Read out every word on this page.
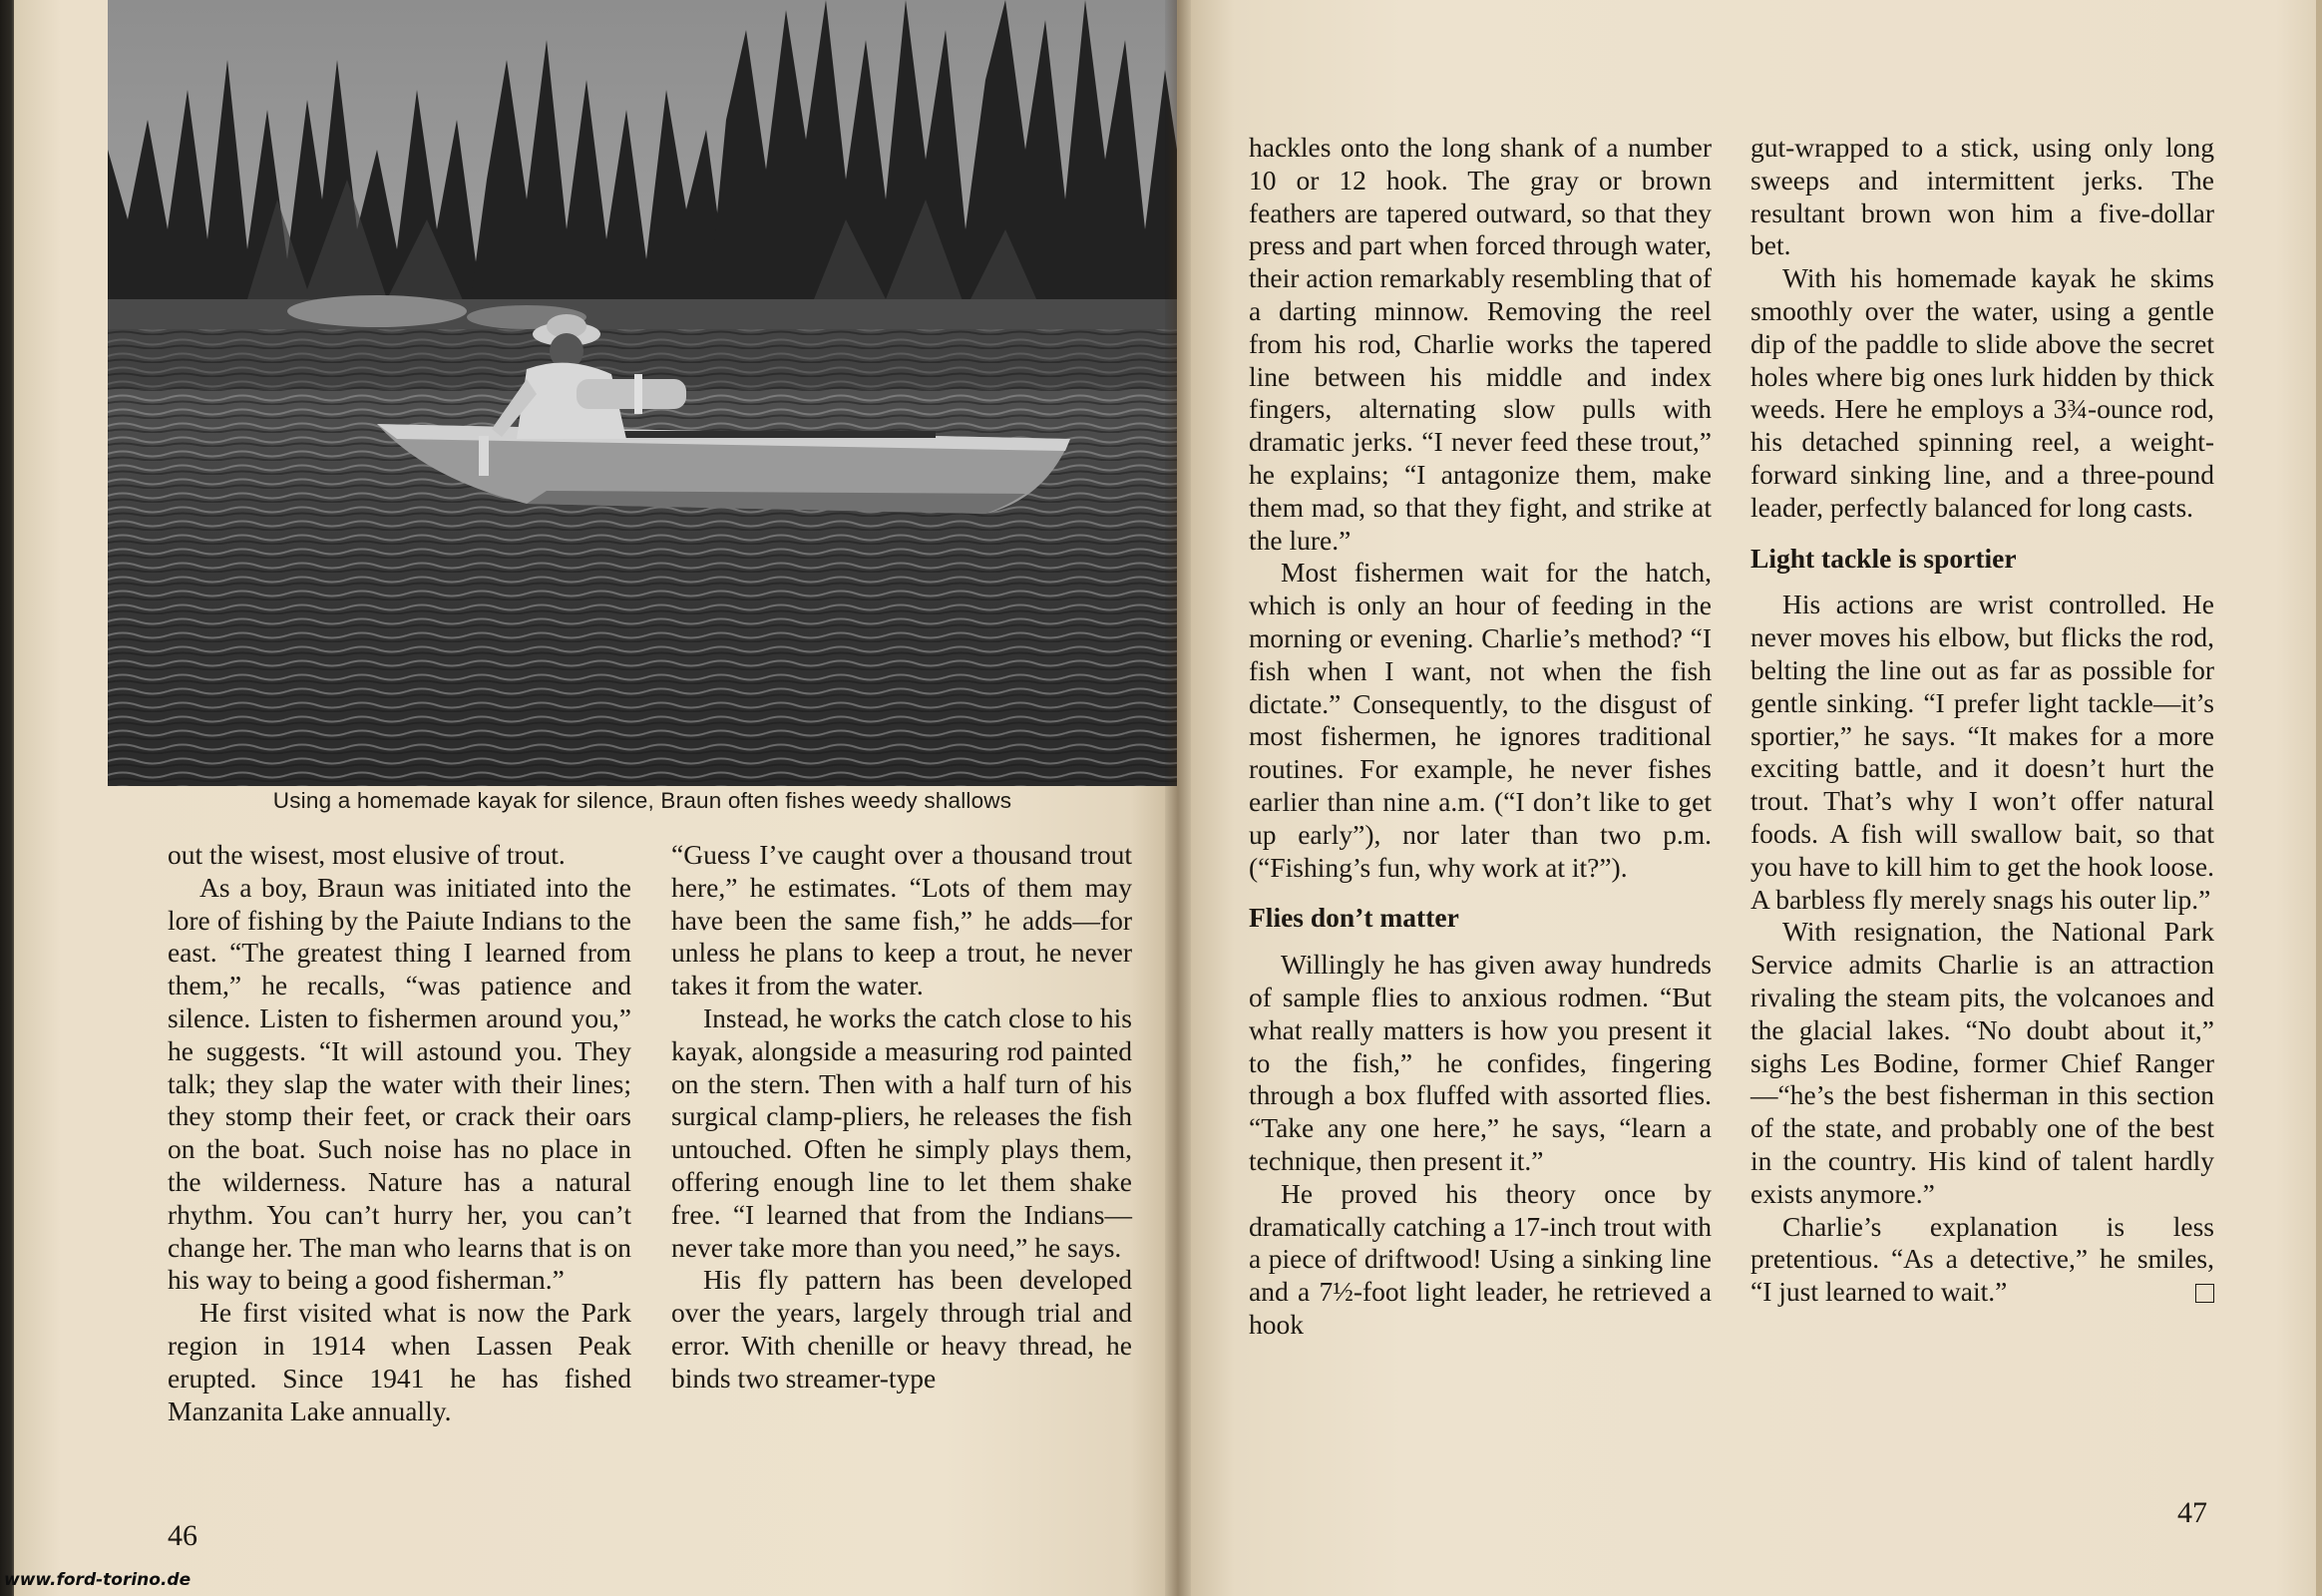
Using a homemade kayak for silence, Braun often fishes weedy shallows

out the wisest, most elusive of trout.

As a boy, Braun was initiated into the lore of fishing by the Paiute Indians to the east. “The greatest thing I learned from them,” he recalls, “was patience and silence. Listen to fishermen around you,” he suggests. “It will astound you. They talk; they slap the water with their lines; they stomp their feet, or crack their oars on the boat. Such noise has no place in the wilderness. Nature has a natural rhythm. You can’t hurry her, you can’t change her. The man who learns that is on his way to being a good fisherman.”

He first visited what is now the Park region in 1914 when Lassen Peak erupted. Since 1941 he has fished Manzanita Lake annually.

“Guess I’ve caught over a thousand trout here,” he estimates. “Lots of them may have been the same fish,” he adds—for unless he plans to keep a trout, he never takes it from the water.

Instead, he works the catch close to his kayak, alongside a measuring rod painted on the stern. Then with a half turn of his surgical clamp-pliers, he releases the fish untouched. Often he simply plays them, offering enough line to let them shake free. “I learned that from the Indians—never take more than you need,” he says.

His fly pattern has been developed over the years, largely through trial and error. With chenille or heavy thread, he binds two streamer-type

46

hackles onto the long shank of a number 10 or 12 hook. The gray or brown feathers are tapered outward, so that they press and part when forced through water, their action remarkably resembling that of a darting minnow. Removing the reel from his rod, Charlie works the tapered line between his middle and index fingers, alternating slow pulls with dramatic jerks. “I never feed these trout,” he explains; “I antagonize them, make them mad, so that they fight, and strike at the lure.”

Most fishermen wait for the hatch, which is only an hour of feeding in the morning or evening. Charlie’s method? “I fish when I want, not when the fish dictate.” Consequently, to the disgust of most fishermen, he ignores traditional routines. For example, he never fishes earlier than nine a.m. (“I don’t like to get up early”), nor later than two p.m. (“Fishing’s fun, why work at it?”).

Flies don’t matter

Willingly he has given away hundreds of sample flies to anxious rodmen. “But what really matters is how you present it to the fish,” he confides, fingering through a box fluffed with assorted flies. “Take any one here,” he says, “learn a technique, then present it.”

He proved his theory once by dramatically catching a 17-inch trout with a piece of driftwood! Using a sinking line and a 7½-foot light leader, he retrieved a hook

gut-wrapped to a stick, using only long sweeps and intermittent jerks. The resultant brown won him a five-dollar bet.

With his homemade kayak he skims smoothly over the water, using a gentle dip of the paddle to slide above the secret holes where big ones lurk hidden by thick weeds. Here he employs a 3¾-ounce rod, his detached spinning reel, a weight-forward sinking line, and a three-pound leader, perfectly balanced for long casts.

Light tackle is sportier

His actions are wrist controlled. He never moves his elbow, but flicks the rod, belting the line out as far as possible for gentle sinking. “I prefer light tackle—it’s sportier,” he says. “It makes for a more exciting battle, and it doesn’t hurt the trout. That’s why I won’t offer natural foods. A fish will swallow bait, so that you have to kill him to get the hook loose. A barbless fly merely snags his outer lip.”

With resignation, the National Park Service admits Charlie is an attraction rivaling the steam pits, the volcanoes and the glacial lakes. “No doubt about it,” sighs Les Bodine, former Chief Ranger—“he’s the best fisherman in this section of the state, and probably one of the best in the country. His kind of talent hardly exists anymore.”

Charlie’s explanation is less pretentious. “As a detective,” he smiles, “I just learned to wait.”

47
www.ford-torino.de
